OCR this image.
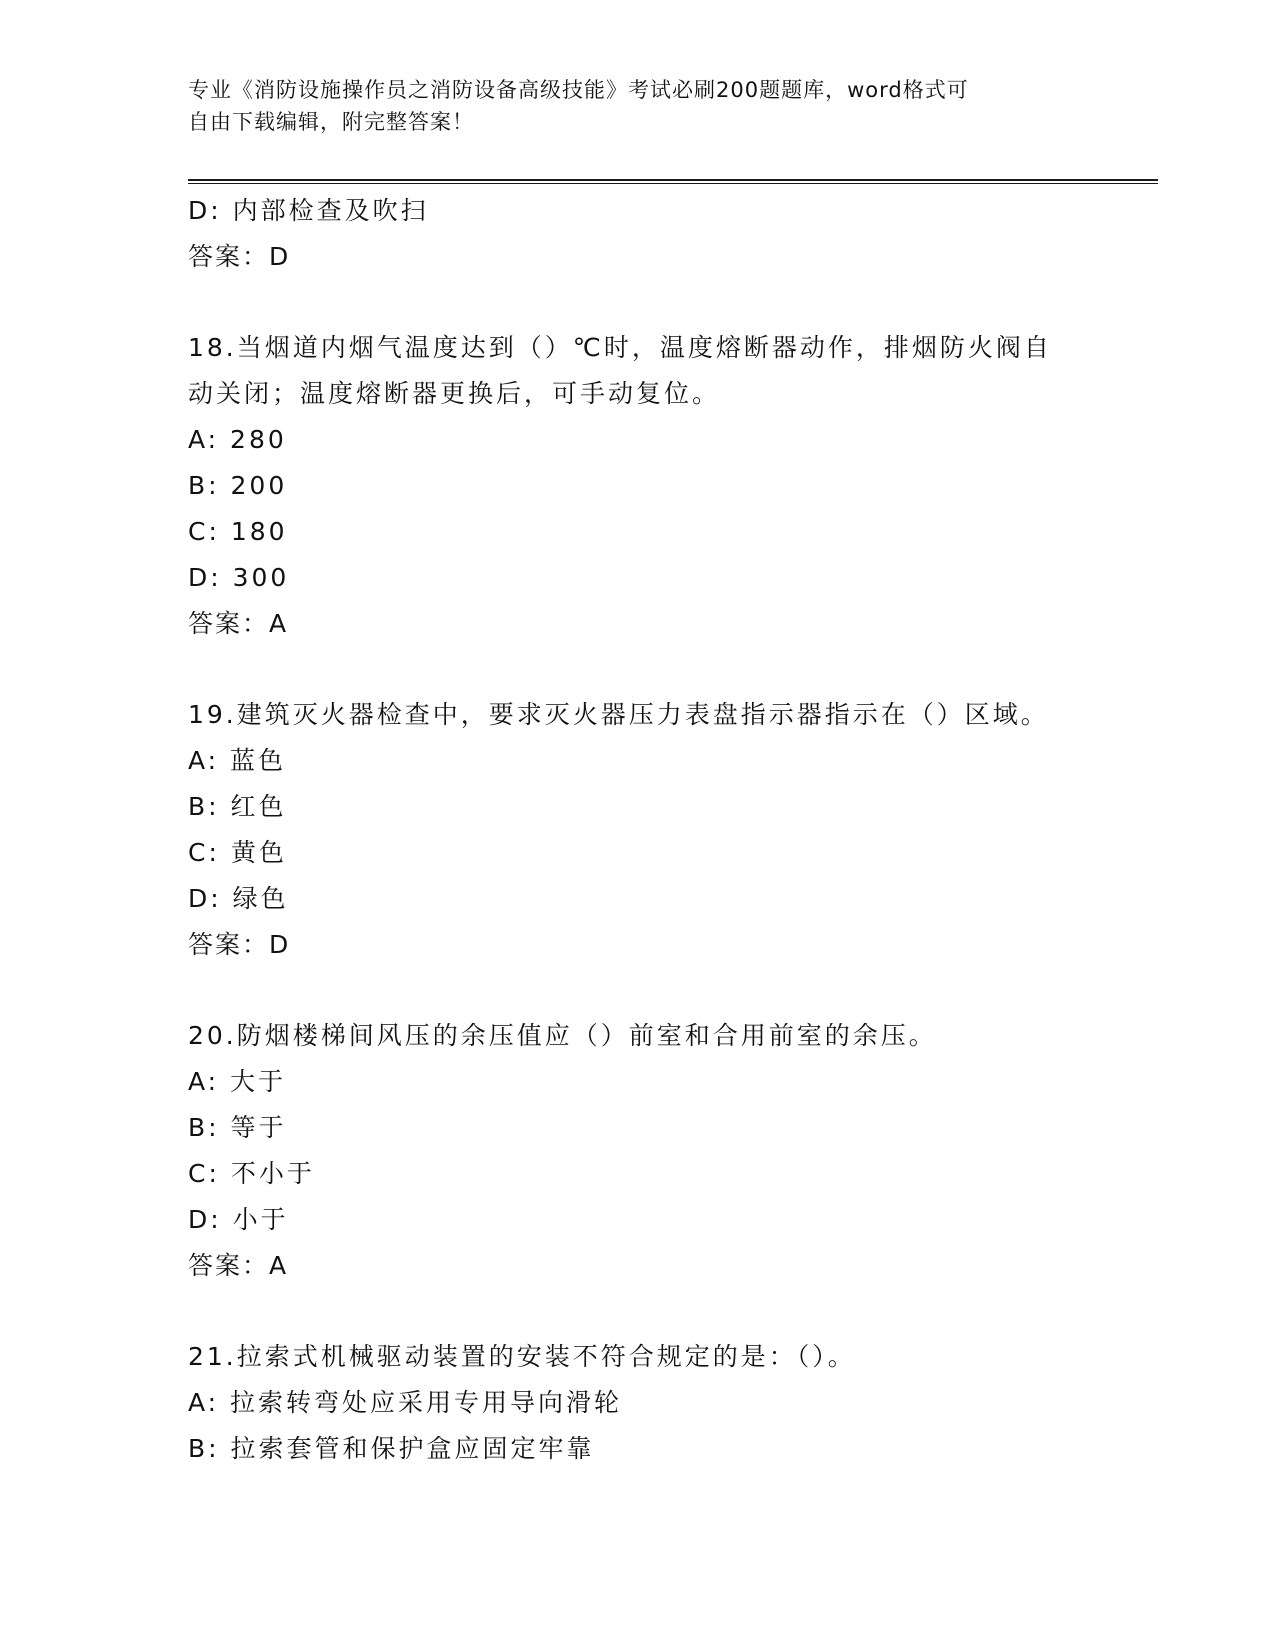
专业《消防设施操作员之消防设备高级技能》考试必刷200题题库，word格式可
自由下载编辑，附完整答案！
D: 内部检查及吹扫
答案：D
18.当烟道内烟气温度达到（）℃时，温度熔断器动作，排烟防火阀自
动关闭；温度熔断器更换后，可手动复位。
A: 280
B: 200
C: 180
D: 300
答案：A
19.建筑灭火器检查中，要求灭火器压力表盘指示器指示在（）区域。
A: 蓝色
B: 红色
C: 黄色
D: 绿色
答案：D
20.防烟楼梯间风压的余压值应（）前室和合用前室的余压。
A: 大于
B: 等于
C: 不小于
D: 小于
答案：A
21.拉索式机械驱动装置的安装不符合规定的是：（）。
A: 拉索转弯处应采用专用导向滑轮
B: 拉索套管和保护盒应固定牢靠
